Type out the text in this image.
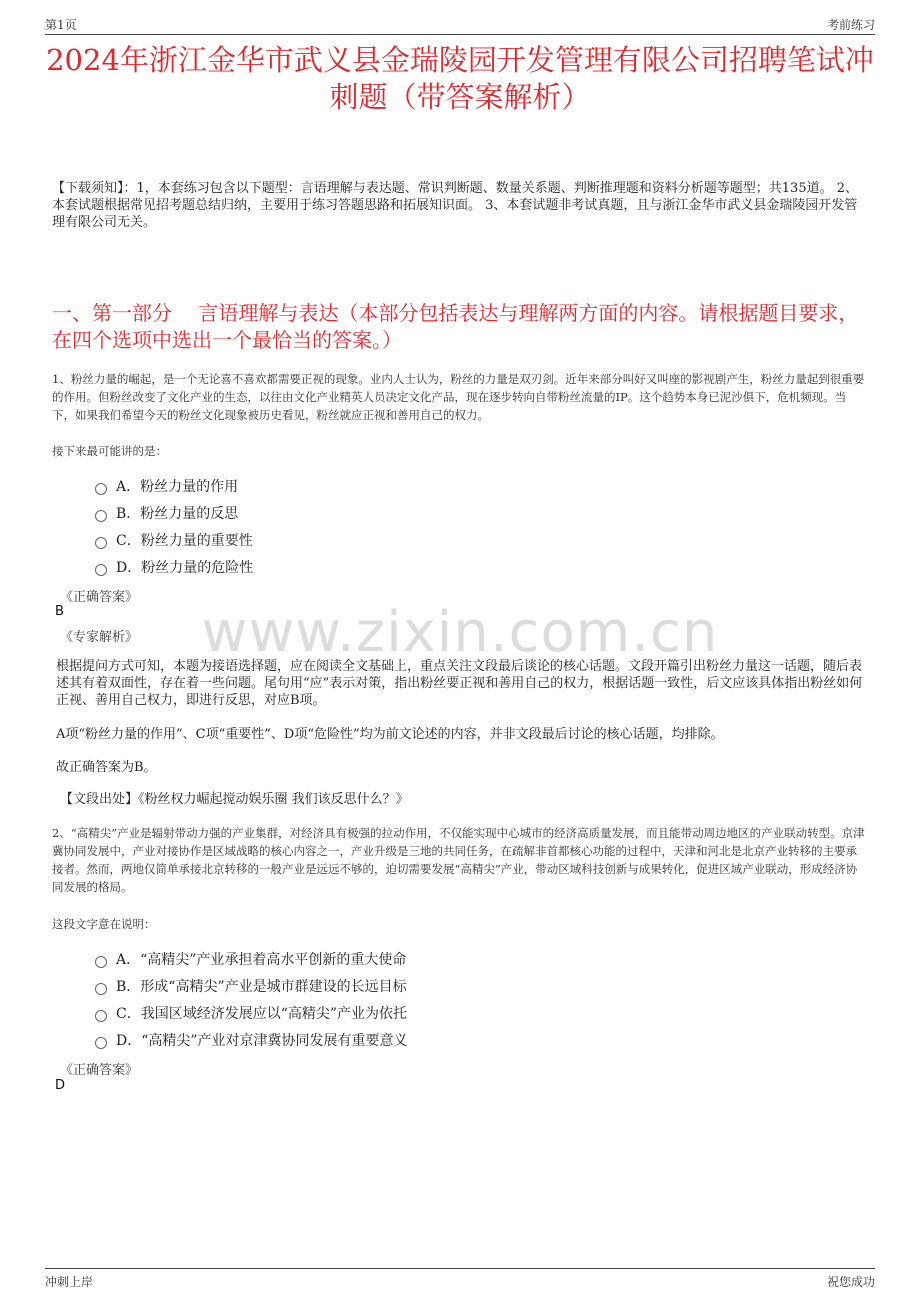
第1页	考前练习
2024年浙江金华市武义县金瑞陵园开发管理有限公司招聘笔试冲刺题（带答案解析）
【下载须知】：1，本套练习包含以下题型：言语理解与表达题、常识判断题、数量关系题、判断推理题和资料分析题等题型；共135道。 2、本套试题根据常见招考题总结归纳，主要用于练习答题思路和拓展知识面。 3、本套试题非考试真题，且与浙江金华市武义县金瑞陵园开发管理有限公司无关。
一、第一部分　 言语理解与表达（本部分包括表达与理解两方面的内容。请根据题目要求，在四个选项中选出一个最恰当的答案。）
www.zixin.com.cn
1、粉丝力量的崛起，是一个无论喜不喜欢都需要正视的现象。业内人士认为，粉丝的力量是双刃剑。近年来部分叫好又叫座的影视剧产生，粉丝力量起到很重要的作用。但粉丝改变了文化产业的生态，以往由文化产业精英人员决定文化产品，现在逐步转向自带粉丝流量的IP。这个趋势本身已泥沙俱下，危机频现。当下，如果我们希望今天的粉丝文化现象被历史看见，粉丝就应正视和善用自己的权力。
接下来最可能讲的是：
A．粉丝力量的作用
B．粉丝力量的反思
C．粉丝力量的重要性
D．粉丝力量的危险性
《正确答案》
B
《专家解析》
根据提问方式可知，本题为接语选择题，应在阅读全文基础上，重点关注文段最后谈论的核心话题。文段开篇引出粉丝力量这一话题，随后表述其有着双面性，存在着一些问题。尾句用“应”表示对策，指出粉丝要正视和善用自己的权力，根据话题一致性，后文应该具体指出粉丝如何正视、善用自己权力，即进行反思，对应B项。
A项“粉丝力量的作用”、C项“重要性”、D项“危险性”均为前文论述的内容，并非文段最后讨论的核心话题，均排除。
故正确答案为B。
【文段出处】《粉丝权力崛起搅动娱乐圈 我们该反思什么？》
2、“高精尖”产业是辐射带动力强的产业集群，对经济具有极强的拉动作用，不仅能实现中心城市的经济高质量发展，而且能带动周边地区的产业联动转型。京津冀协同发展中，产业对接协作是区域战略的核心内容之一，产业升级是三地的共同任务，在疏解非首都核心功能的过程中，天津和河北是北京产业转移的主要承接者。然而，两地仅简单承接北京转移的一般产业是远远不够的，迫切需要发展“高精尖”产业，带动区域科技创新与成果转化，促进区域产业联动，形成经济协同发展的格局。
这段文字意在说明：
A．“高精尖”产业承担着高水平创新的重大使命
B．形成“高精尖”产业是城市群建设的长远目标
C．我国区域经济发展应以“高精尖”产业为依托
D．“高精尖”产业对京津冀协同发展有重要意义
《正确答案》
D
冲刺上岸	祝您成功
